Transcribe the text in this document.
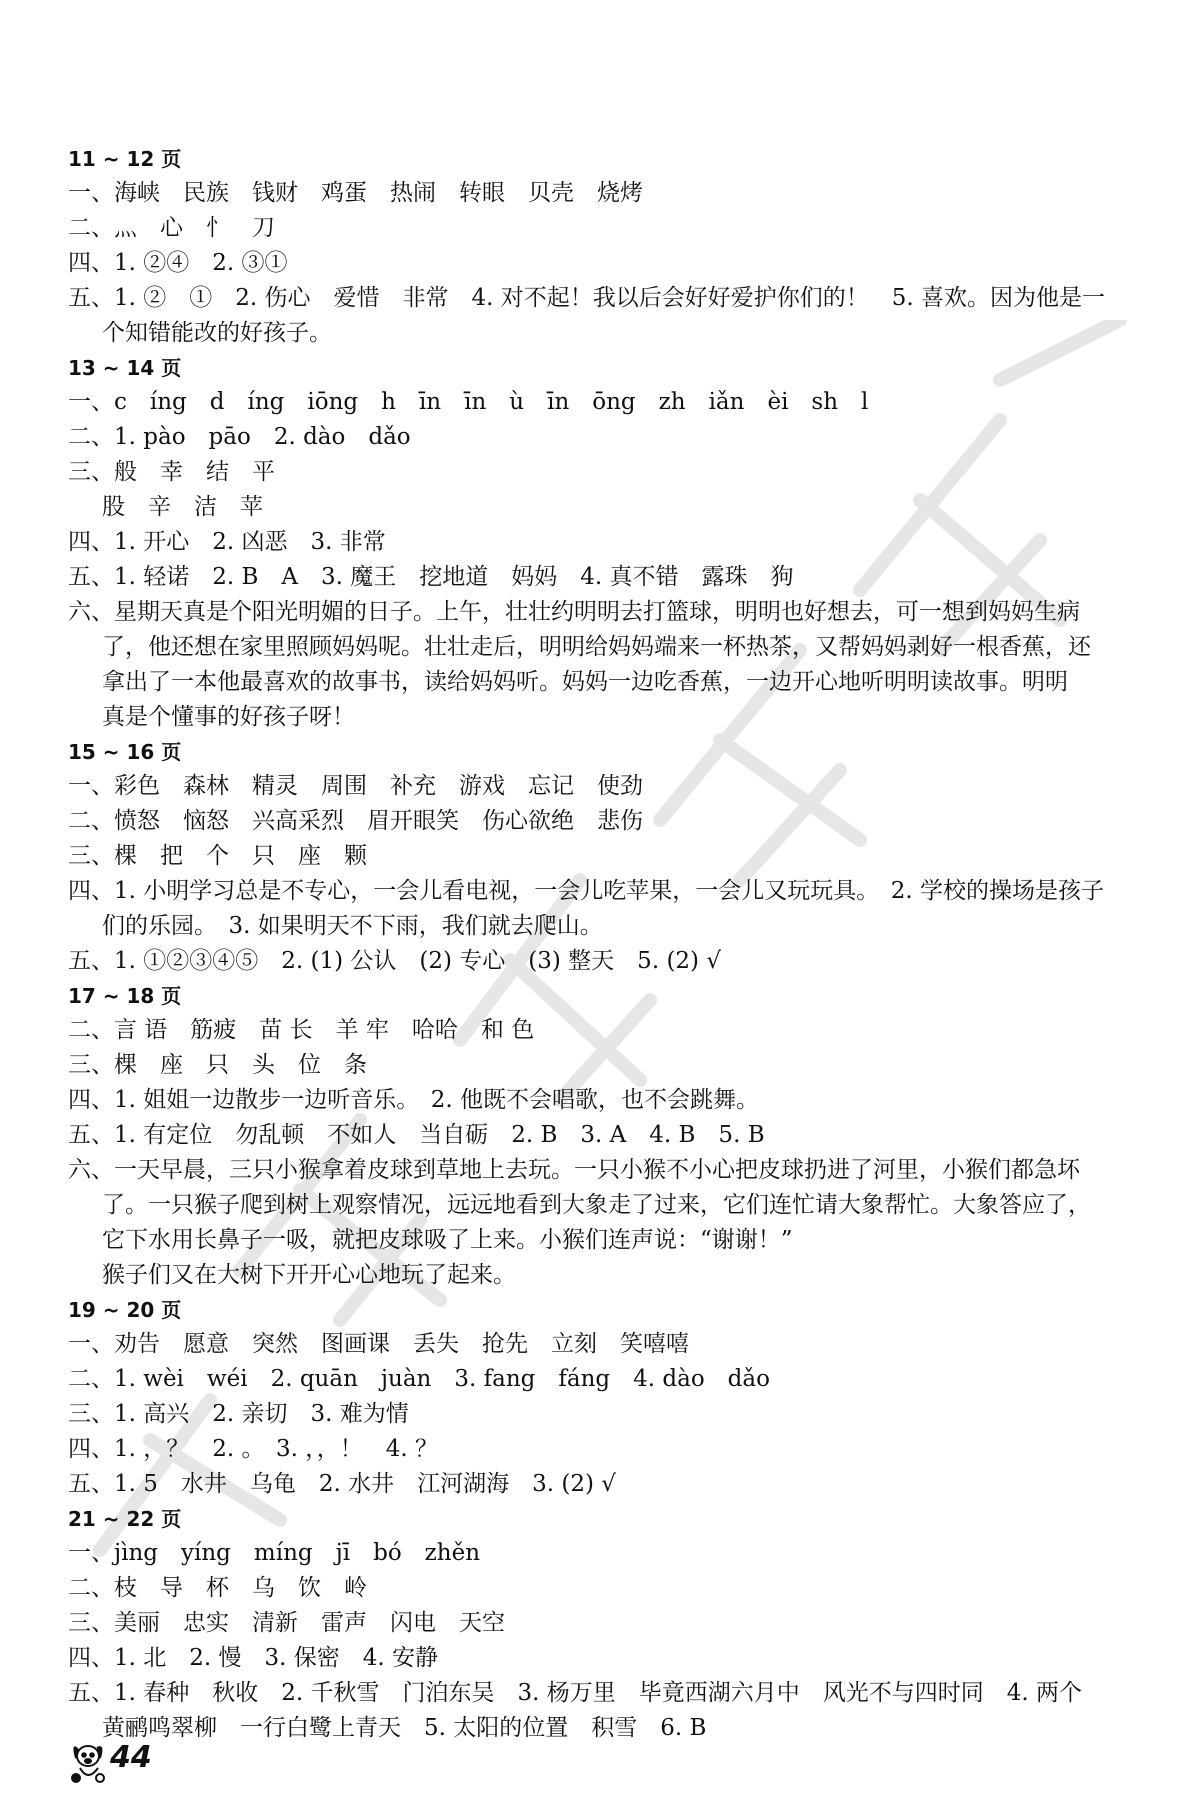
11 ~ 12 页
一、海峡　民族　钱财　鸡蛋　热闹　转眼　贝壳　烧烤
二、灬　心　忄　刀
四、1. ②④　2. ③①
五、1. ②　①　2. 伤心　爱惜　非常　4. 对不起！我以后会好好爱护你们的！　5. 喜欢。因为他是一
个知错能改的好孩子。
13 ~ 14 页
一、c　íng　d　íng　iōng　h　īn　īn　ù　īn　ōng　zh　iǎn　èi　sh　l
二、1. pào　pāo　2. dào　dǎo
三、般　幸　结　平
股　辛　洁　苹
四、1. 开心　2. 凶恶　3. 非常
五、1. 轻诺　2. B　A　3. 魔王　挖地道　妈妈　4. 真不错　露珠　狗
六、星期天真是个阳光明媚的日子。上午，壮壮约明明去打篮球，明明也好想去，可一想到妈妈生病
了，他还想在家里照顾妈妈呢。壮壮走后，明明给妈妈端来一杯热茶，又帮妈妈剥好一根香蕉，还
拿出了一本他最喜欢的故事书，读给妈妈听。妈妈一边吃香蕉，一边开心地听明明读故事。明明
真是个懂事的好孩子呀！
15 ~ 16 页
一、彩色　森林　精灵　周围　补充　游戏　忘记　使劲
二、愤怒　恼怒　兴高采烈　眉开眼笑　伤心欲绝　悲伤
三、棵　把　个　只　座　颗
四、1. 小明学习总是不专心，一会儿看电视，一会儿吃苹果，一会儿又玩玩具。　2. 学校的操场是孩子
们的乐园。　3. 如果明天不下雨，我们就去爬山。
五、1. ①②③④⑤　2. (1) 公认　(2) 专心　(3) 整天　5. (2) √
17 ~ 18 页
二、言 语　筋疲　苗 长　羊 牢　哈哈　和 色
三、棵　座　只　头　位　条
四、1. 姐姐一边散步一边听音乐。　2. 他既不会唱歌，也不会跳舞。
五、1. 有定位　勿乱顿　不如人　当自砺　2. B　3. A　4. B　5. B
六、一天早晨，三只小猴拿着皮球到草地上去玩。一只小猴不小心把皮球扔进了河里，小猴们都急坏
了。一只猴子爬到树上观察情况，远远地看到大象走了过来，它们连忙请大象帮忙。大象答应了，
它下水用长鼻子一吸，就把皮球吸了上来。小猴们连声说：“谢谢！”
猴子们又在大树下开开心心地玩了起来。
19 ~ 20 页
一、劝告　愿意　突然　图画课　丢失　抢先　立刻　笑嘻嘻
二、1. wèi　wéi　2. quān　juàn　3. fang　fáng　4. dào　dǎo
三、1. 高兴　2. 亲切　3. 难为情
四、1. ，？　2. 。　3. ，，！　4. ？
五、1. 5　水井　乌龟　2. 水井　江河湖海　3. (2) √
21 ~ 22 页
一、jìng　yíng　míng　jī　bó　zhěn
二、枝　导　杯　乌　饮　岭
三、美丽　忠实　清新　雷声　闪电　天空
四、1. 北　2. 慢　3. 保密　4. 安静
五、1. 春种　秋收　2. 千秋雪　门泊东吴　3. 杨万里　毕竟西湖六月中　风光不与四时同　4. 两个
黄鹂鸣翠柳　一行白鹭上青天　5. 太阳的位置　积雪　6. B
44
